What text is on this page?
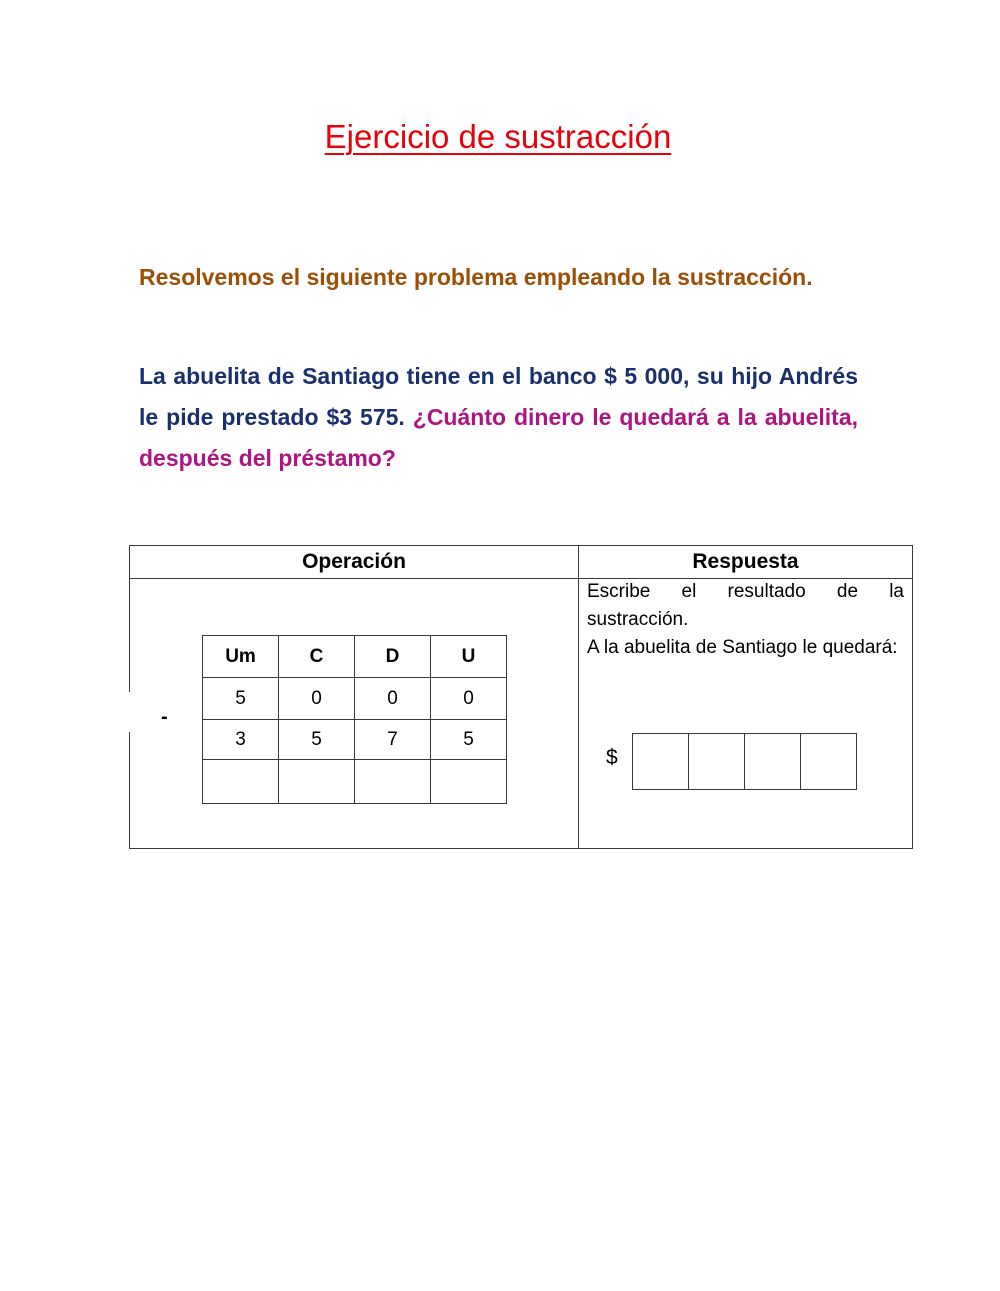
Ejercicio de sustracción

Resolvemos el siguiente problema empleando la sustracción.

La abuelita de Santiago tiene en el banco $ 5 000, su hijo Andrés le pide prestado $3 575. ¿Cuánto dinero le quedará a la abuelita, después del préstamo?

Operación	Respuesta
-
Um	C	D	U
5	0	0	0
3	5	7	5

Escribe el resultado de la sustracción.

A la abuelita de Santiago le quedará:

$
